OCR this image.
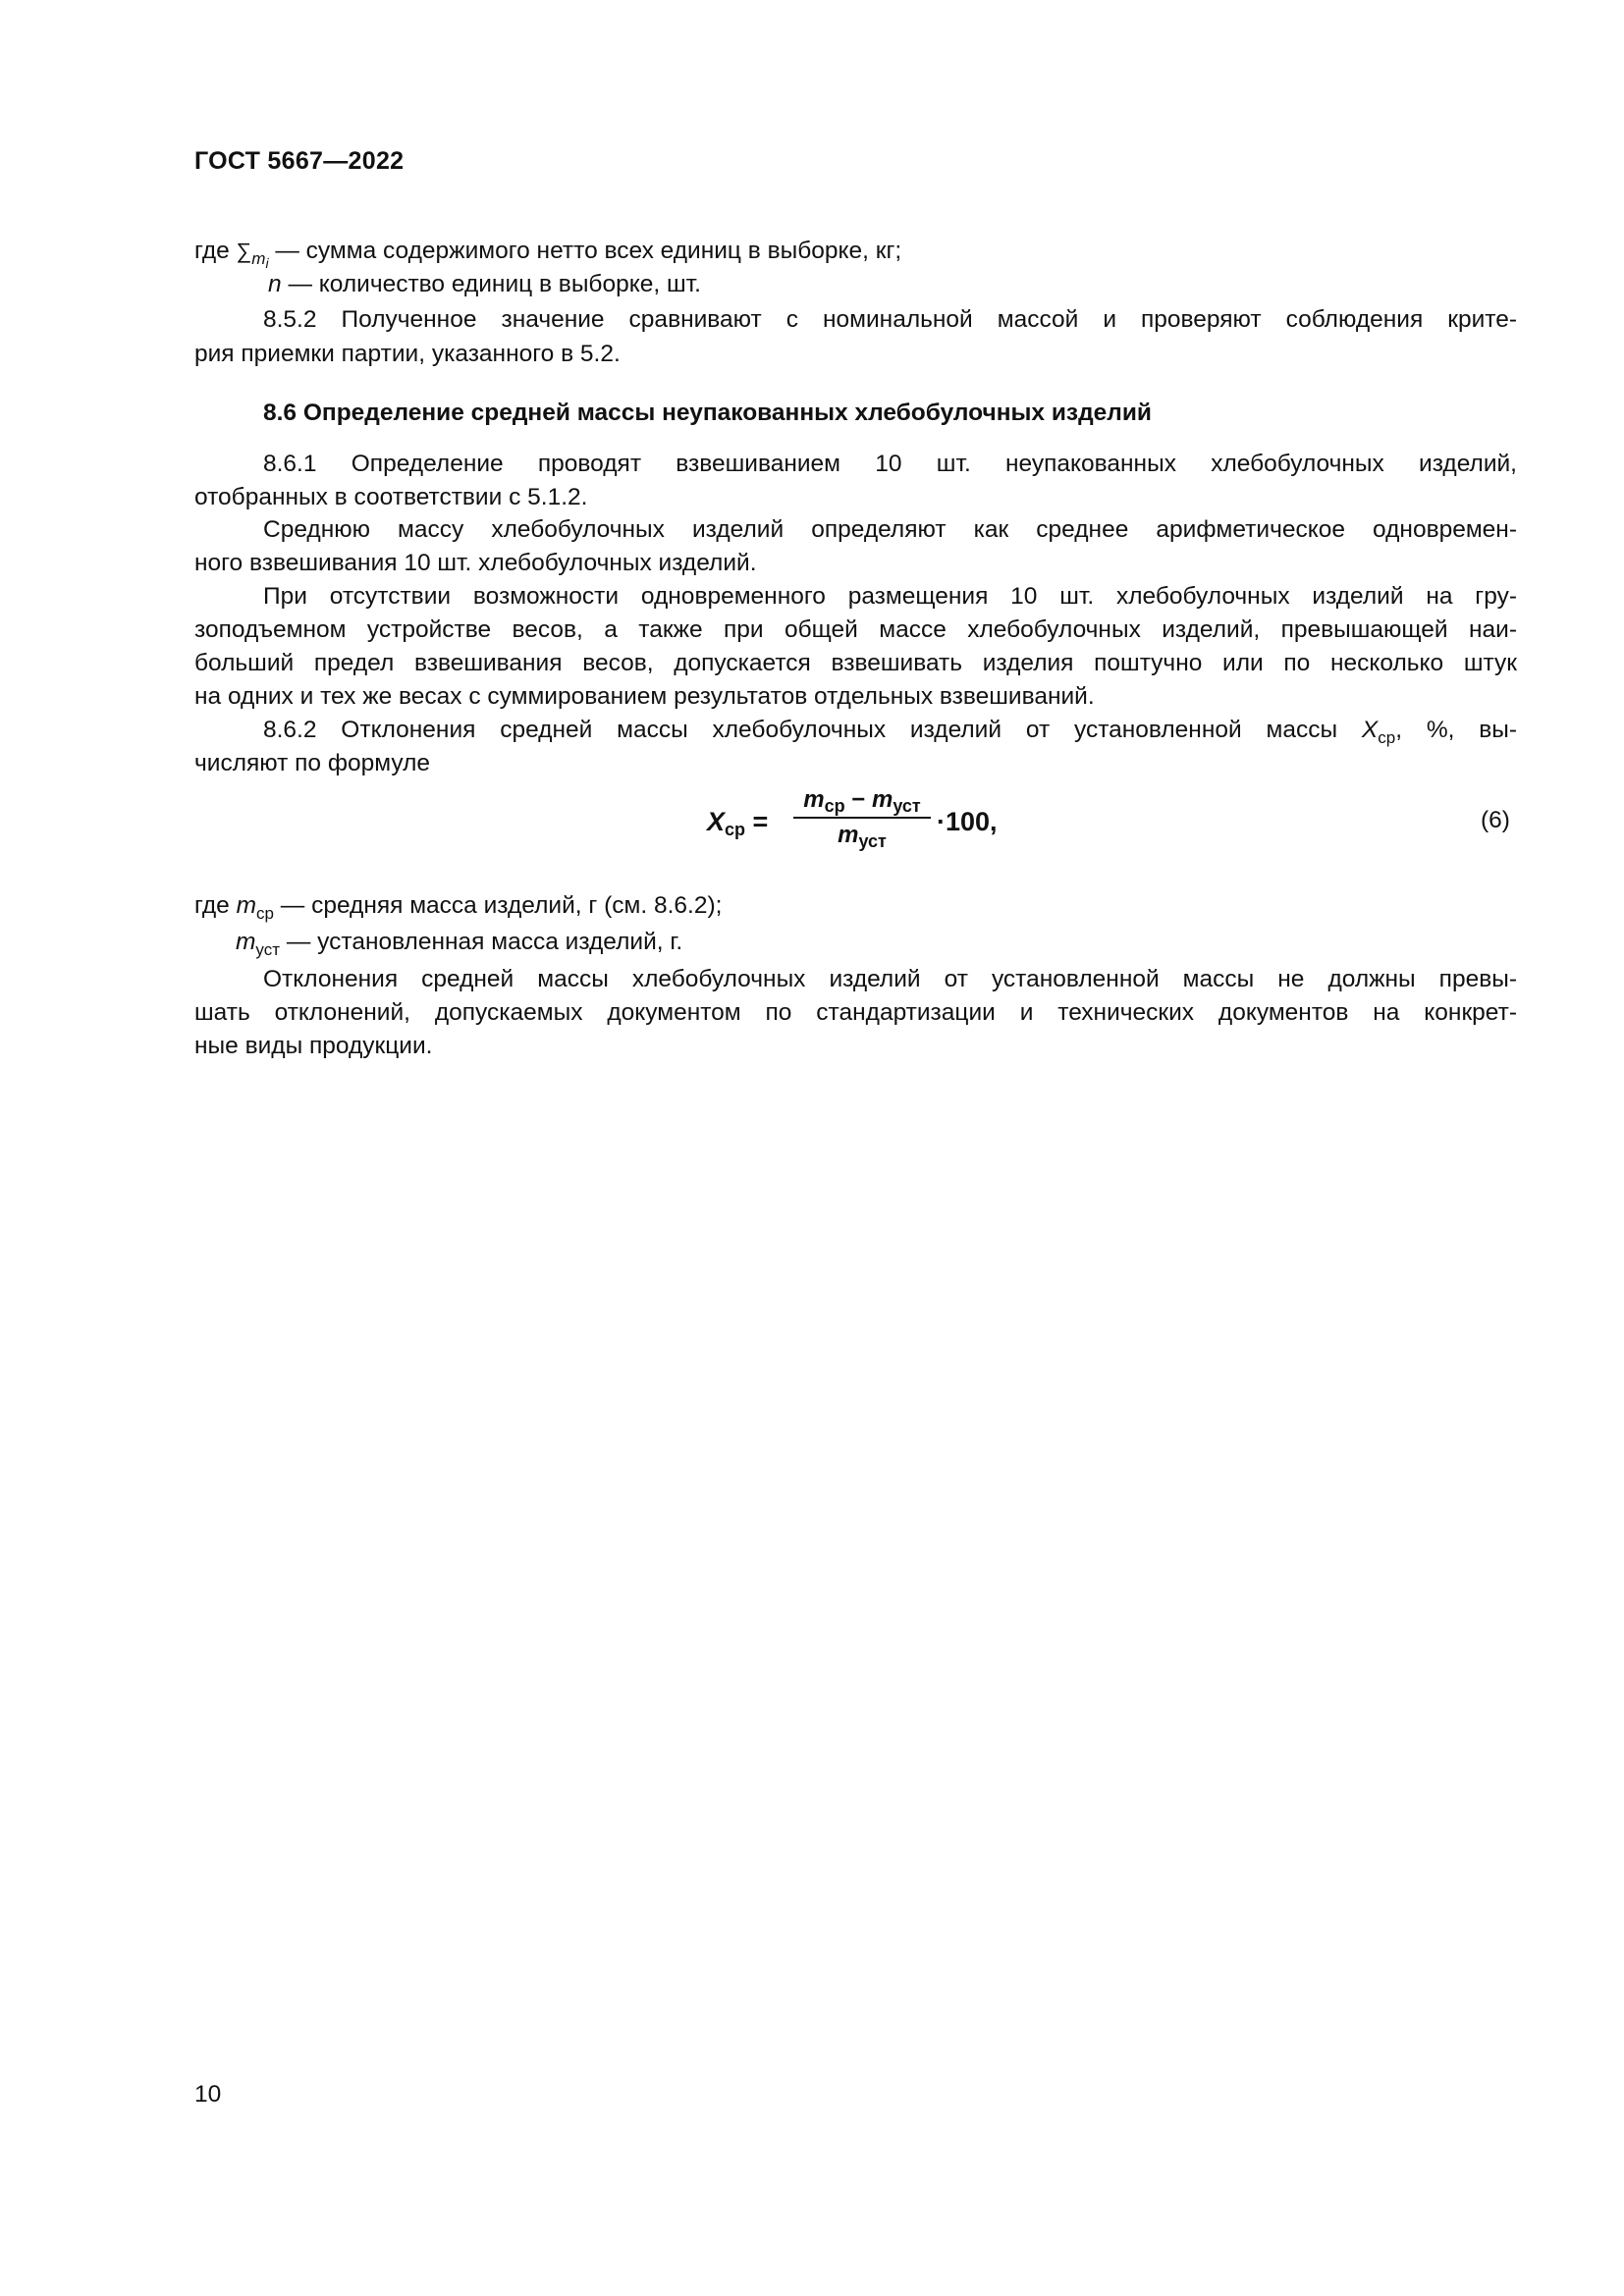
ГОСТ 5667—2022
где $\sum_{m_i}$ — сумма содержимого нетто всех единиц в выборке, кг;
n — количество единиц в выборке, шт.
8.5.2 Полученное значение сравнивают с номинальной массой и проверяют соблюдения крите-
рия приемки партии, указанного в 5.2.
8.6 Определение средней массы неупакованных хлебобулочных изделий
8.6.1 Определение проводят взвешиванием 10 шт. неупакованных хлебобулочных изделий,
отобранных в соответствии с 5.1.2.
Среднюю массу хлебобулочных изделий определяют как среднее арифметическое одновремен-
ного взвешивания 10 шт. хлебобулочных изделий.
При отсутствии возможности одновременного размещения 10 шт. хлебобулочных изделий на гру-
зоподъемном устройстве весов, а также при общей массе хлебобулочных изделий, превышающей наи-
больший предел взвешивания весов, допускается взвешивать изделия поштучно или по несколько штук
на одних и тех же весах с суммированием результатов отдельных взвешиваний.
8.6.2 Отклонения средней массы хлебобулочных изделий от установленной массы $X_{ср}$, %, вы-
числяют по формуле
$X_{ср}$ =
$m_{ср} - m_{уст}$
$m_{уст}$
·100,	(6)
где $m_{ср}$ — средняя масса изделий, г (см. 8.6.2);
$m_{уст}$ — установленная масса изделий, г.
Отклонения средней массы хлебобулочных изделий от установленной массы не должны превы-
шать отклонений, допускаемых документом по стандартизации и технических документов на конкрет-
ные виды продукции.
10
